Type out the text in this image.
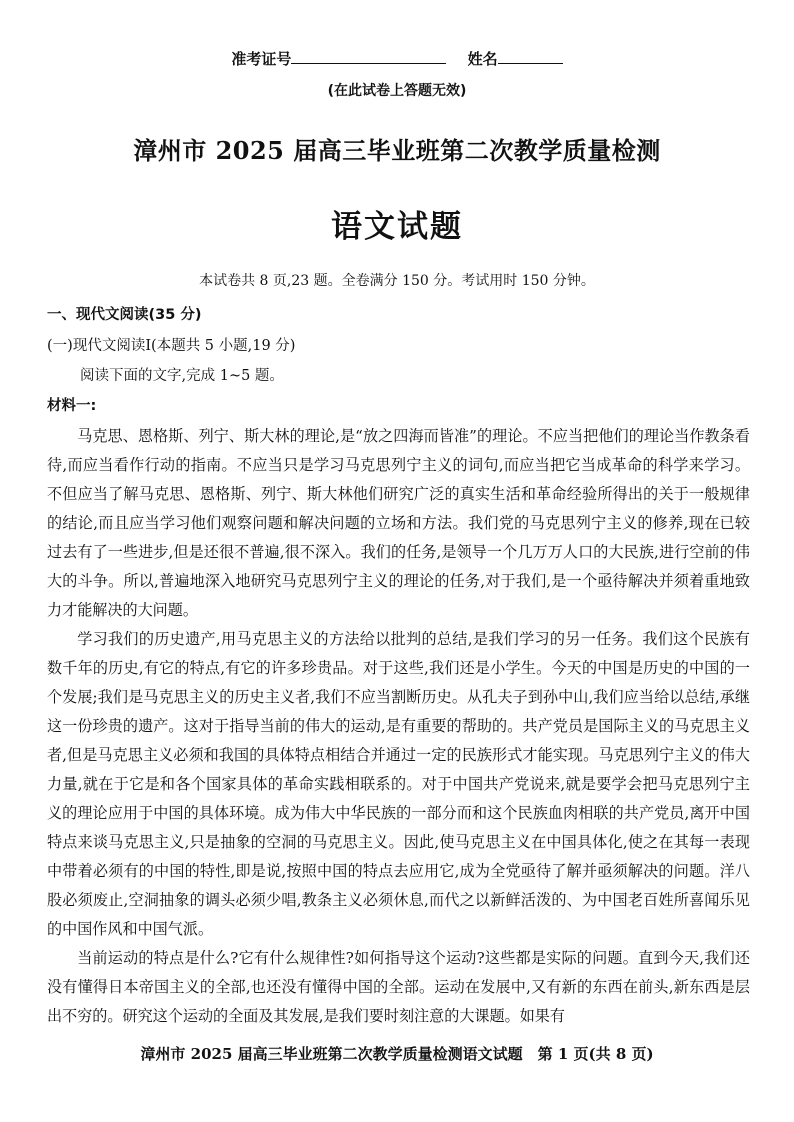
准考证号	姓名
(在此试卷上答题无效)
漳州市 2025 届高三毕业班第二次教学质量检测
语文试题
本试卷共 8 页,23 题。全卷满分 150 分。考试用时 150 分钟。
一、现代文阅读(35 分)
(一)现代文阅读Ⅰ(本题共 5 小题,19 分)
阅读下面的文字,完成 1~5 题。
材料一:

马克思、恩格斯、列宁、斯大林的理论,是“放之四海而皆准”的理论。不应当把他们的理论当作教条看待,而应当看作行动的指南。不应当只是学习马克思列宁主义的词句,而应当把它当成革命的科学来学习。不但应当了解马克思、恩格斯、列宁、斯大林他们研究广泛的真实生活和革命经验所得出的关于一般规律的结论,而且应当学习他们观察问题和解决问题的立场和方法。我们党的马克思列宁主义的修养,现在已较过去有了一些进步,但是还很不普遍,很不深入。我们的任务,是领导一个几万万人口的大民族,进行空前的伟大的斗争。所以,普遍地深入地研究马克思列宁主义的理论的任务,对于我们,是一个亟待解决并须着重地致力才能解决的大问题。

学习我们的历史遗产,用马克思主义的方法给以批判的总结,是我们学习的另一任务。我们这个民族有数千年的历史,有它的特点,有它的许多珍贵品。对于这些,我们还是小学生。今天的中国是历史的中国的一个发展;我们是马克思主义的历史主义者,我们不应当割断历史。从孔夫子到孙中山,我们应当给以总结,承继这一份珍贵的遗产。这对于指导当前的伟大的运动,是有重要的帮助的。共产党员是国际主义的马克思主义者,但是马克思主义必须和我国的具体特点相结合并通过一定的民族形式才能实现。马克思列宁主义的伟大力量,就在于它是和各个国家具体的革命实践相联系的。对于中国共产党说来,就是要学会把马克思列宁主义的理论应用于中国的具体环境。成为伟大中华民族的一部分而和这个民族血肉相联的共产党员,离开中国特点来谈马克思主义,只是抽象的空洞的马克思主义。因此,使马克思主义在中国具体化,使之在其每一表现中带着必须有的中国的特性,即是说,按照中国的特点去应用它,成为全党亟待了解并亟须解决的问题。洋八股必须废止,空洞抽象的调头必须少唱,教条主义必须休息,而代之以新鲜活泼的、为中国老百姓所喜闻乐见的中国作风和中国气派。

当前运动的特点是什么?它有什么规律性?如何指导这个运动?这些都是实际的问题。直到今天,我们还没有懂得日本帝国主义的全部,也还没有懂得中国的全部。运动在发展中,又有新的东西在前头,新东西是层出不穷的。研究这个运动的全面及其发展,是我们要时刻注意的大课题。如果有

漳州市 2025 届高三毕业班第二次教学质量检测语文试题　第 1 页(共 8 页)
